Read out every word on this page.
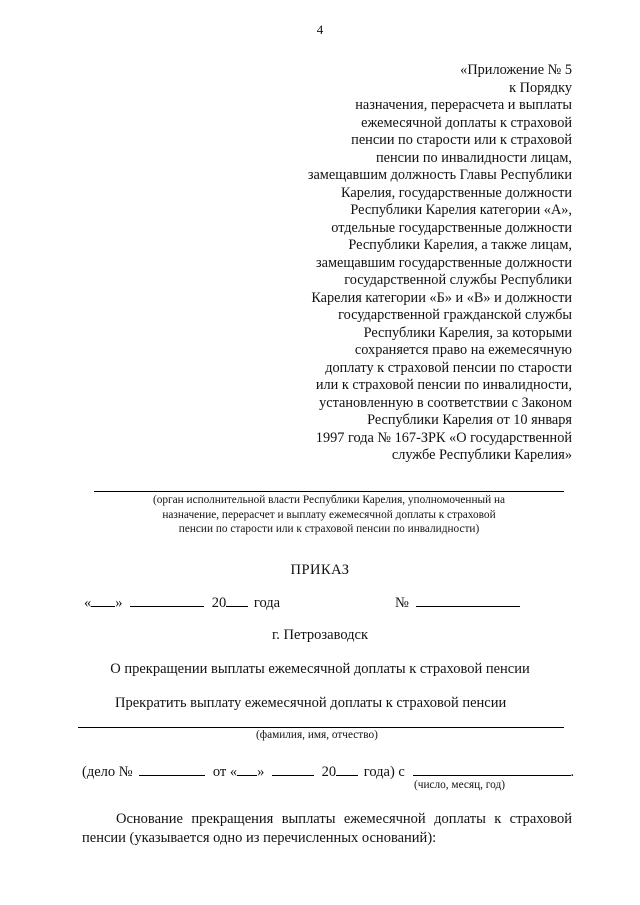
4
«Приложение № 5
к Порядку
назначения, перерасчета и выплаты
ежемесячной доплаты к страховой
пенсии по старости или к страховой
пенсии по инвалидности лицам,
замещавшим должность Главы Республики
Карелия, государственные должности
Республики Карелия категории «А»,
отдельные государственные должности
Республики Карелия, а также лицам,
замещавшим государственные должности
государственной службы Республики
Карелия категории «Б» и «В» и должности
государственной гражданской службы
Республики Карелия, за которыми
сохраняется право на ежемесячную
доплату к страховой пенсии по старости
или к страховой пенсии по инвалидности,
установленную в соответствии с Законом
Республики Карелия от 10 января
1997 года № 167-ЗРК «О государственной
службе Республики Карелия»
(орган исполнительной власти Республики Карелия, уполномоченный на
назначение, перерасчет и выплату ежемесячной доплаты к страховой
пенсии по старости или к страховой пенсии по инвалидности)
ПРИКАЗ
« »	20 года	№
г. Петрозаводск
О прекращении выплаты ежемесячной доплаты к страховой пенсии
Прекратить выплату ежемесячной доплаты к страховой пенсии
(фамилия, имя, отчество)
(дело №	от « »	20 года) с	.
(число, месяц, год)
Основание прекращения выплаты ежемесячной доплаты к страховой пенсии (указывается одно из перечисленных оснований):
